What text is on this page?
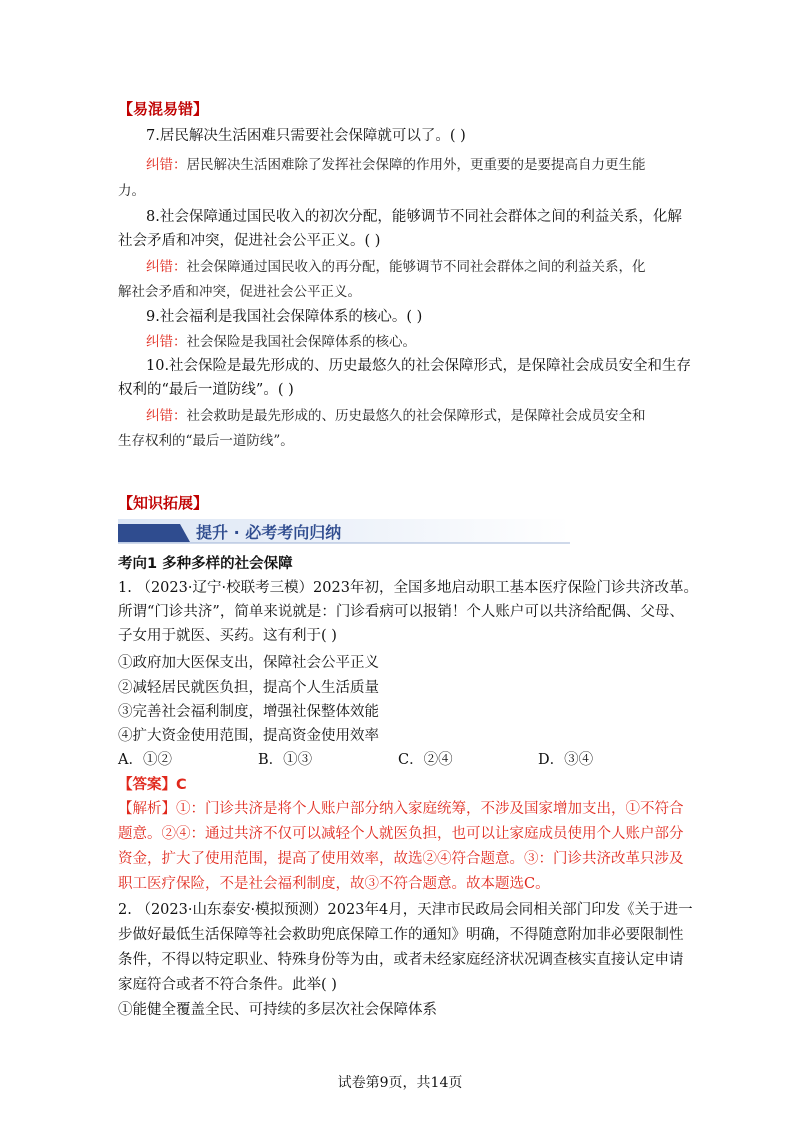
【易混易错】
7.居民解决生活困难只需要社会保障就可以了。( )
纠错：居民解决生活困难除了发挥社会保障的作用外，更重要的是要提高自力更生能
力。
8.社会保障通过国民收入的初次分配，能够调节不同社会群体之间的利益关系，化解
社会矛盾和冲突，促进社会公平正义。( )
纠错：社会保障通过国民收入的再分配，能够调节不同社会群体之间的利益关系，化
解社会矛盾和冲突，促进社会公平正义。
9.社会福利是我国社会保障体系的核心。( )
纠错：社会保险是我国社会保障体系的核心。
10.社会保险是最先形成的、历史最悠久的社会保障形式，是保障社会成员安全和生存
权利的“最后一道防线”。( )
纠错：社会救助是最先形成的、历史最悠久的社会保障形式，是保障社会成员安全和
生存权利的“最后一道防线”。
【知识拓展】
提升 · 必考考向归纳
考向1 多种多样的社会保障
1. （2023·辽宁·校联考三模）2023年初，全国多地启动职工基本医疗保险门诊共济改革。
所谓“门诊共济”，简单来说就是：门诊看病可以报销！个人账户可以共济给配偶、父母、
子女用于就医、买药。这有利于( )
①政府加大医保支出，保障社会公平正义
②减轻居民就医负担，提高个人生活质量
③完善社会福利制度，增强社保整体效能
④扩大资金使用范围，提高资金使用效率
A．①②	B．①③	C．②④	D．③④
【答案】C
【解析】①：门诊共济是将个人账户部分纳入家庭统筹，不涉及国家增加支出，①不符合
题意。②④：通过共济不仅可以减轻个人就医负担，也可以让家庭成员使用个人账户部分
资金，扩大了使用范围，提高了使用效率，故选②④符合题意。③：门诊共济改革只涉及
职工医疗保险，不是社会福利制度，故③不符合题意。故本题选C。
2. （2023·山东泰安·模拟预测）2023年4月，天津市民政局会同相关部门印发《关于进一
步做好最低生活保障等社会救助兜底保障工作的通知》明确，不得随意附加非必要限制性
条件，不得以特定职业、特殊身份等为由，或者未经家庭经济状况调查核实直接认定申请
家庭符合或者不符合条件。此举( )
①能健全覆盖全民、可持续的多层次社会保障体系
试卷第9页，共14页
